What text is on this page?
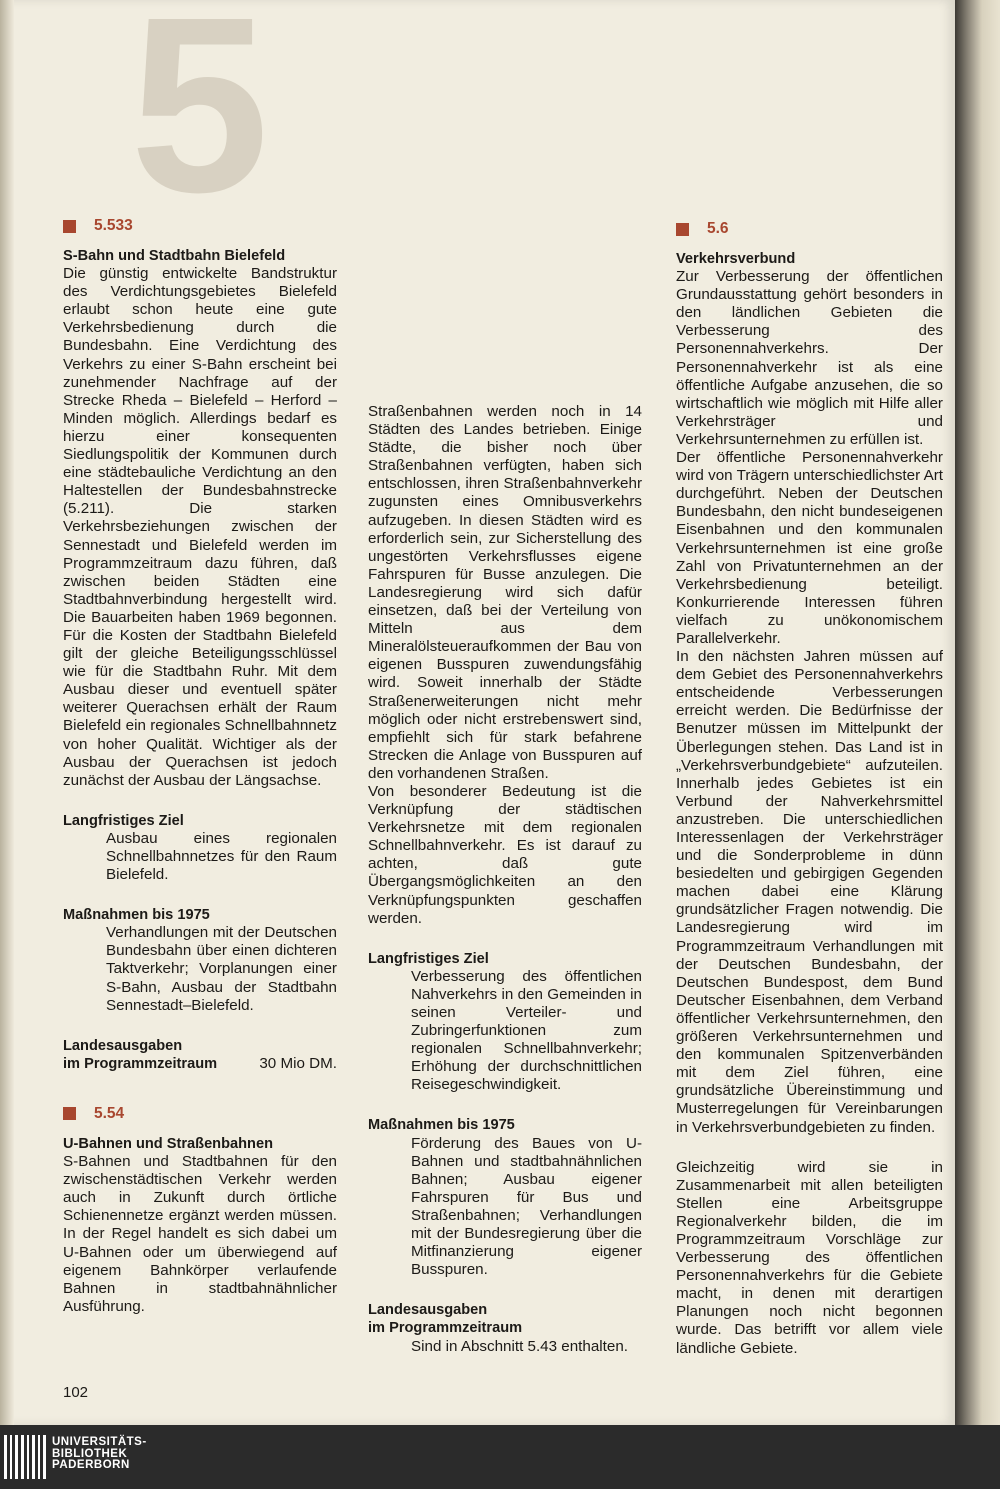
5
5.533

S-Bahn und Stadtbahn Bielefeld

Die günstig entwickelte Bandstruktur des Verdichtungsgebietes Bielefeld erlaubt schon heute eine gute Verkehrsbedienung durch die Bundesbahn. Eine Verdichtung des Verkehrs zu einer S-Bahn erscheint bei zunehmender Nachfrage auf der Strecke Rheda – Bielefeld – Herford – Minden möglich. Allerdings bedarf es hierzu einer konsequenten Siedlungspolitik der Kommunen durch eine städtebauliche Verdichtung an den Haltestellen der Bundesbahnstrecke (5.211). Die starken Verkehrsbeziehungen zwischen der Sennestadt und Bielefeld werden im Programmzeitraum dazu führen, daß zwischen beiden Städten eine Stadtbahnverbindung hergestellt wird. Die Bauarbeiten haben 1969 begonnen. Für die Kosten der Stadtbahn Bielefeld gilt der gleiche Beteiligungsschlüssel wie für die Stadtbahn Ruhr. Mit dem Ausbau dieser und eventuell später weiterer Querachsen erhält der Raum Bielefeld ein regionales Schnellbahnnetz von hoher Qualität. Wichtiger als der Ausbau der Querachsen ist jedoch zunächst der Ausbau der Längsachse.

Langfristiges Ziel

Ausbau eines regionalen Schnellbahnnetzes für den Raum Bielefeld.

Maßnahmen bis 1975

Verhandlungen mit der Deutschen Bundesbahn über einen dichteren Taktverkehr; Vorplanungen einer S-Bahn, Ausbau der Stadtbahn Sennestadt–Bielefeld.

Landesausgaben

im Programmzeitraum	30 Mio DM.
5.54

U-Bahnen und Straßenbahnen

S-Bahnen und Stadtbahnen für den zwischenstädtischen Verkehr werden auch in Zukunft durch örtliche Schienennetze ergänzt werden müssen. In der Regel handelt es sich dabei um U-Bahnen oder um überwiegend auf eigenem Bahnkörper verlaufende Bahnen in stadtbahnähnlicher Ausführung.

Straßenbahnen werden noch in 14 Städten des Landes betrieben. Einige Städte, die bisher noch über Straßenbahnen verfügten, haben sich entschlossen, ihren Straßenbahnverkehr zugunsten eines Omnibusverkehrs aufzugeben. In diesen Städten wird es erforderlich sein, zur Sicherstellung des ungestörten Verkehrsflusses eigene Fahrspuren für Busse anzulegen. Die Landesregierung wird sich dafür einsetzen, daß bei der Verteilung von Mitteln aus dem Mineralölsteueraufkommen der Bau von eigenen Busspuren zuwendungsfähig wird. Soweit innerhalb der Städte Straßenerweiterungen nicht mehr möglich oder nicht erstrebenswert sind, empfiehlt sich für stark befahrene Strecken die Anlage von Busspuren auf den vorhandenen Straßen.

Von besonderer Bedeutung ist die Verknüpfung der städtischen Verkehrsnetze mit dem regionalen Schnellbahnverkehr. Es ist darauf zu achten, daß gute Übergangsmöglichkeiten an den Verknüpfungspunkten geschaffen werden.

Langfristiges Ziel

Verbesserung des öffentlichen Nahverkehrs in den Gemeinden in seinen Verteiler- und Zubringerfunktionen zum regionalen Schnellbahnverkehr; Erhöhung der durchschnittlichen Reisegeschwindigkeit.

Maßnahmen bis 1975

Förderung des Baues von U-Bahnen und stadtbahnähnlichen Bahnen; Ausbau eigener Fahrspuren für Bus und Straßenbahnen; Verhandlungen mit der Bundesregierung über die Mitfinanzierung eigener Busspuren.

Landesausgaben

im Programmzeitraum

Sind in Abschnitt 5.43 enthalten.

5.6

Verkehrsverbund

Zur Verbesserung der öffentlichen Grundausstattung gehört besonders in den ländlichen Gebieten die Verbesserung des Personennahverkehrs. Der Personennahverkehr ist als eine öffentliche Aufgabe anzusehen, die so wirtschaftlich wie möglich mit Hilfe aller Verkehrsträger und Verkehrsunternehmen zu erfüllen ist.

Der öffentliche Personennahverkehr wird von Trägern unterschiedlichster Art durchgeführt. Neben der Deutschen Bundesbahn, den nicht bundeseigenen Eisenbahnen und den kommunalen Verkehrsunternehmen ist eine große Zahl von Privatunternehmen an der Verkehrsbedienung beteiligt. Konkurrierende Interessen führen vielfach zu unökonomischem Parallelverkehr.

In den nächsten Jahren müssen auf dem Gebiet des Personennahverkehrs entscheidende Verbesserungen erreicht werden. Die Bedürfnisse der Benutzer müssen im Mittelpunkt der Überlegungen stehen. Das Land ist in „Verkehrsverbundgebiete“ aufzuteilen. Innerhalb jedes Gebietes ist ein Verbund der Nahverkehrsmittel anzustreben. Die unterschiedlichen Interessenlagen der Verkehrsträger und die Sonderprobleme in dünn besiedelten und gebirgigen Gegenden machen dabei eine Klärung grundsätzlicher Fragen notwendig. Die Landesregierung wird im Programmzeitraum Verhandlungen mit der Deutschen Bundesbahn, der Deutschen Bundespost, dem Bund Deutscher Eisenbahnen, dem Verband öffentlicher Verkehrsunternehmen, den größeren Verkehrsunternehmen und den kommunalen Spitzenverbänden mit dem Ziel führen, eine grundsätzliche Übereinstimmung und Musterregelungen für Vereinbarungen in Verkehrsverbundgebieten zu finden.

Gleichzeitig wird sie in Zusammenarbeit mit allen beteiligten Stellen eine Arbeitsgruppe Regionalverkehr bilden, die im Programmzeitraum Vorschläge zur Verbesserung des öffentlichen Personennahverkehrs für die Gebiete macht, in denen mit derartigen Planungen noch nicht begonnen wurde. Das betrifft vor allem viele ländliche Gebiete.

102
UNIVERSITÄTS-
BIBLIOTHEK
PADERBORN
